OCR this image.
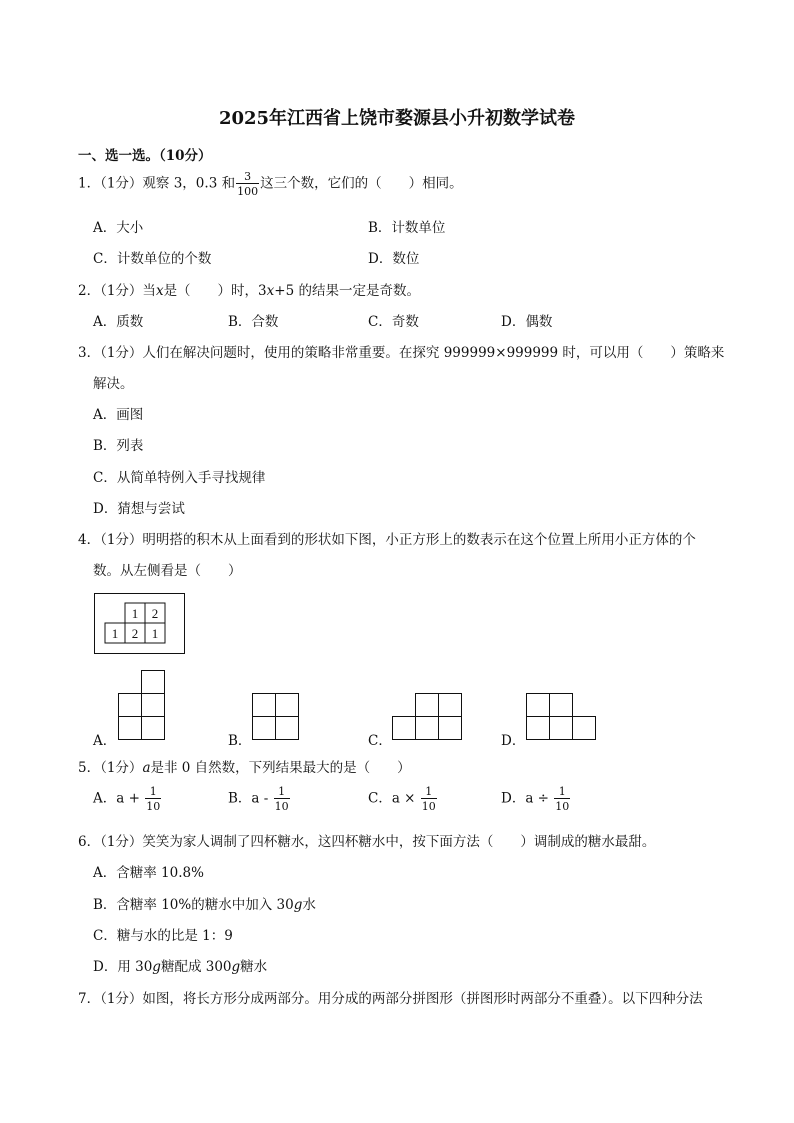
2025年江西省上饶市婺源县小升初数学试卷
一、选一选。（10分）
1．（1分）观察 3，0.3 和 $\frac{3}{100}$ 这三个数，它们的（　　）相同。
A．大小	B．计数单位
C．计数单位的个数	D．数位
2．（1分）当x是（　　）时，3x+5 的结果一定是奇数。
A．质数	B．合数	C．奇数	D．偶数
3．（1分）人们在解决问题时，使用的策略非常重要。在探究 999999×999999 时，可以用（　　）策略来
解决。
A．画图
B．列表
C．从简单特例入手寻找规律
D．猜想与尝试
4．（1分）明明搭的积木从上面看到的形状如下图，小正方形上的数表示在这个位置上所用小正方体的个
数。从左侧看是（　　）
1 2
1 2 1
A．	B．	C．	D．
5．（1分）a是非 0 自然数，下列结果最大的是（　　）
A．$a + \frac{1}{10}$	B．a - $\frac{1}{10}$	C．$a \times \frac{1}{10}$	D．$a \div \frac{1}{10}$
6．（1分）笑笑为家人调制了四杯糖水，这四杯糖水中，按下面方法（　　）调制成的糖水最甜。
A．含糖率 10.8%
B．含糖率 10%的糖水中加入 30g水
C．糖与水的比是 1：9
D．用 30g糖配成 300g糖水
7．（1分）如图，将长方形分成两部分。用分成的两部分拼图形（拼图形时两部分不重叠）。以下四种分法
